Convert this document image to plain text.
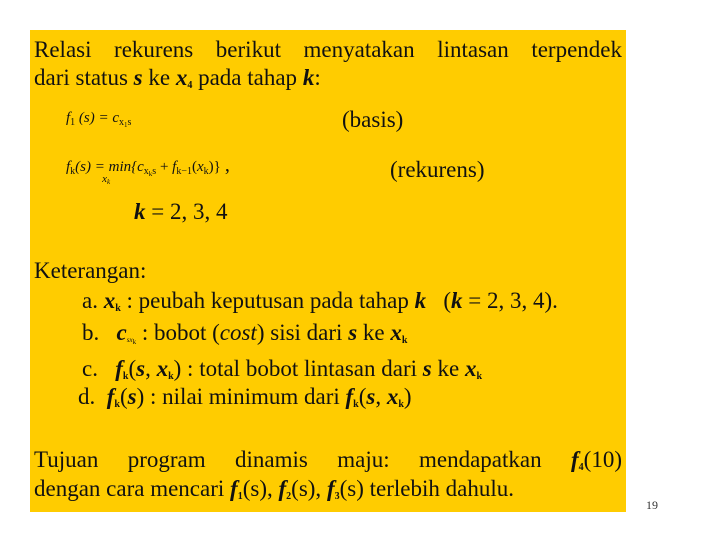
Relasi rekurens berikut menyatakan lintasan terpendek
dari status s ke $x_4$ pada tahap k:
$f_1$ $(s) = c_{x_1s}$	(basis)
$f_k(s) = \min${
$x_k$
$c_{x_ks} + f_{k-1}(x_k)$} ,	(rekurens)
k = 2, 3, 4
Keterangan:
a. $x_k$ : peubah keputusan pada tahap k (k = 2, 3, 4).
b. $c_{sx_k}$ : bobot (cost) sisi dari s ke $x_k$
c. $f_k(s$, $x_k$) : total bobot lintasan dari s ke $x_k$
d. $f_k(s)$ : nilai minimum dari $f_k(s$, $x_k$)
Tujuan program dinamis maju: mendapatkan $f_4(10)$
dengan cara mencari $f_1(s)$, $f_2(s)$, $f_3(s)$ terlebih dahulu.
19
